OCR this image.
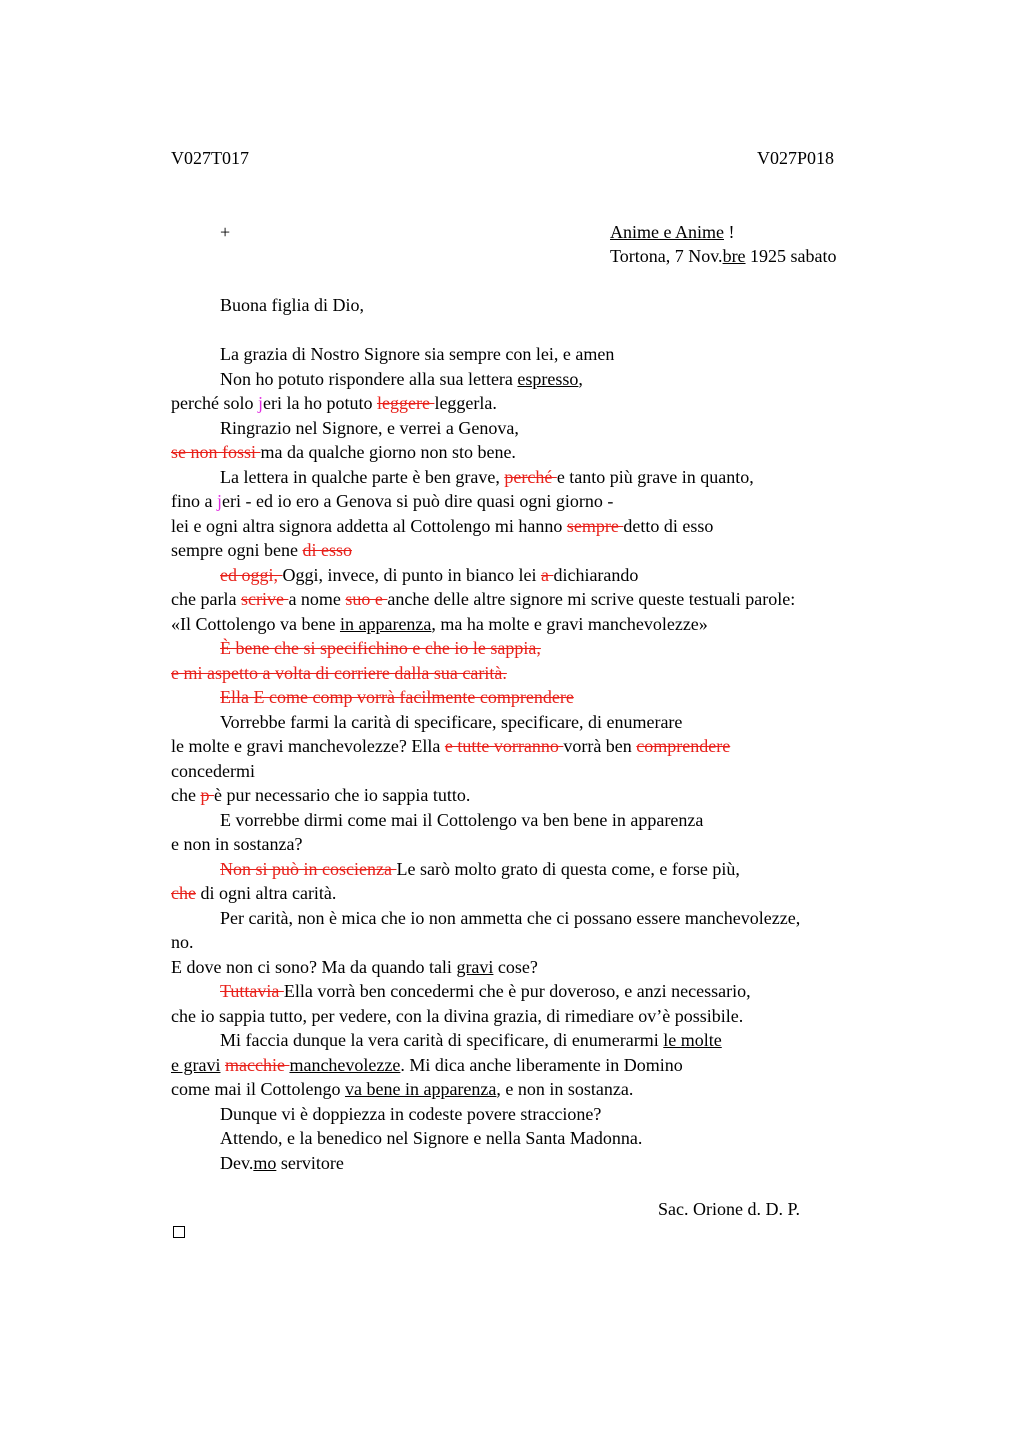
V027T017	V027P018
+	Anime e Anime !
Tortona, 7 Nov.bre 1925 sabato
Buona figlia di Dio,
La grazia di Nostro Signore sia sempre con lei, e amen
Non ho potuto rispondere alla sua lettera espresso,
perché solo jeri la ho potuto leggere leggerla.
Ringrazio nel Signore, e verrei a Genova,
se non fossi ma da qualche giorno non sto bene.
La lettera in qualche parte è ben grave, perché e tanto più grave in quanto,
fino a jeri - ed io ero a Genova si può dire quasi ogni giorno -
lei e ogni altra signora addetta al Cottolengo mi hanno sempre detto di esso
sempre ogni bene di esso
ed oggi, Oggi, invece, di punto in bianco lei a dichiarando
che parla scrive a nome suo e anche delle altre signore mi scrive queste testuali parole:
«Il Cottolengo va bene in apparenza, ma ha molte e gravi manchevolezze»
È bene che si specifichino e che io le sappia,
e mi aspetto a volta di corriere dalla sua carità.
Ella E come comp vorrà facilmente comprendere
Vorrebbe farmi la carità di specificare, specificare, di enumerare
le molte e gravi manchevolezze? Ella e tutte vorranno vorrà ben comprendere
concedermi
che p è pur necessario che io sappia tutto.
E vorrebbe dirmi come mai il Cottolengo va ben bene in apparenza
e non in sostanza?
Non si può in coscienza Le sarò molto grato di questa come, e forse più,
che di ogni altra carità.
Per carità, non è mica che io non ammetta che ci possano essere manchevolezze,
no.
E dove non ci sono? Ma da quando tali gravi cose?
Tuttavia Ella vorrà ben concedermi che è pur doveroso, e anzi necessario,
che io sappia tutto, per vedere, con la divina grazia, di rimediare ov’è possibile.
Mi faccia dunque la vera carità di specificare, di enumerarmi le molte
e gravi macchie manchevolezze. Mi dica anche liberamente in Domino
come mai il Cottolengo va bene in apparenza, e non in sostanza.
Dunque vi è doppiezza in codeste povere straccione?
Attendo, e la benedico nel Signore e nella Santa Madonna.
Dev.mo servitore
Sac. Orione d. D. P.
